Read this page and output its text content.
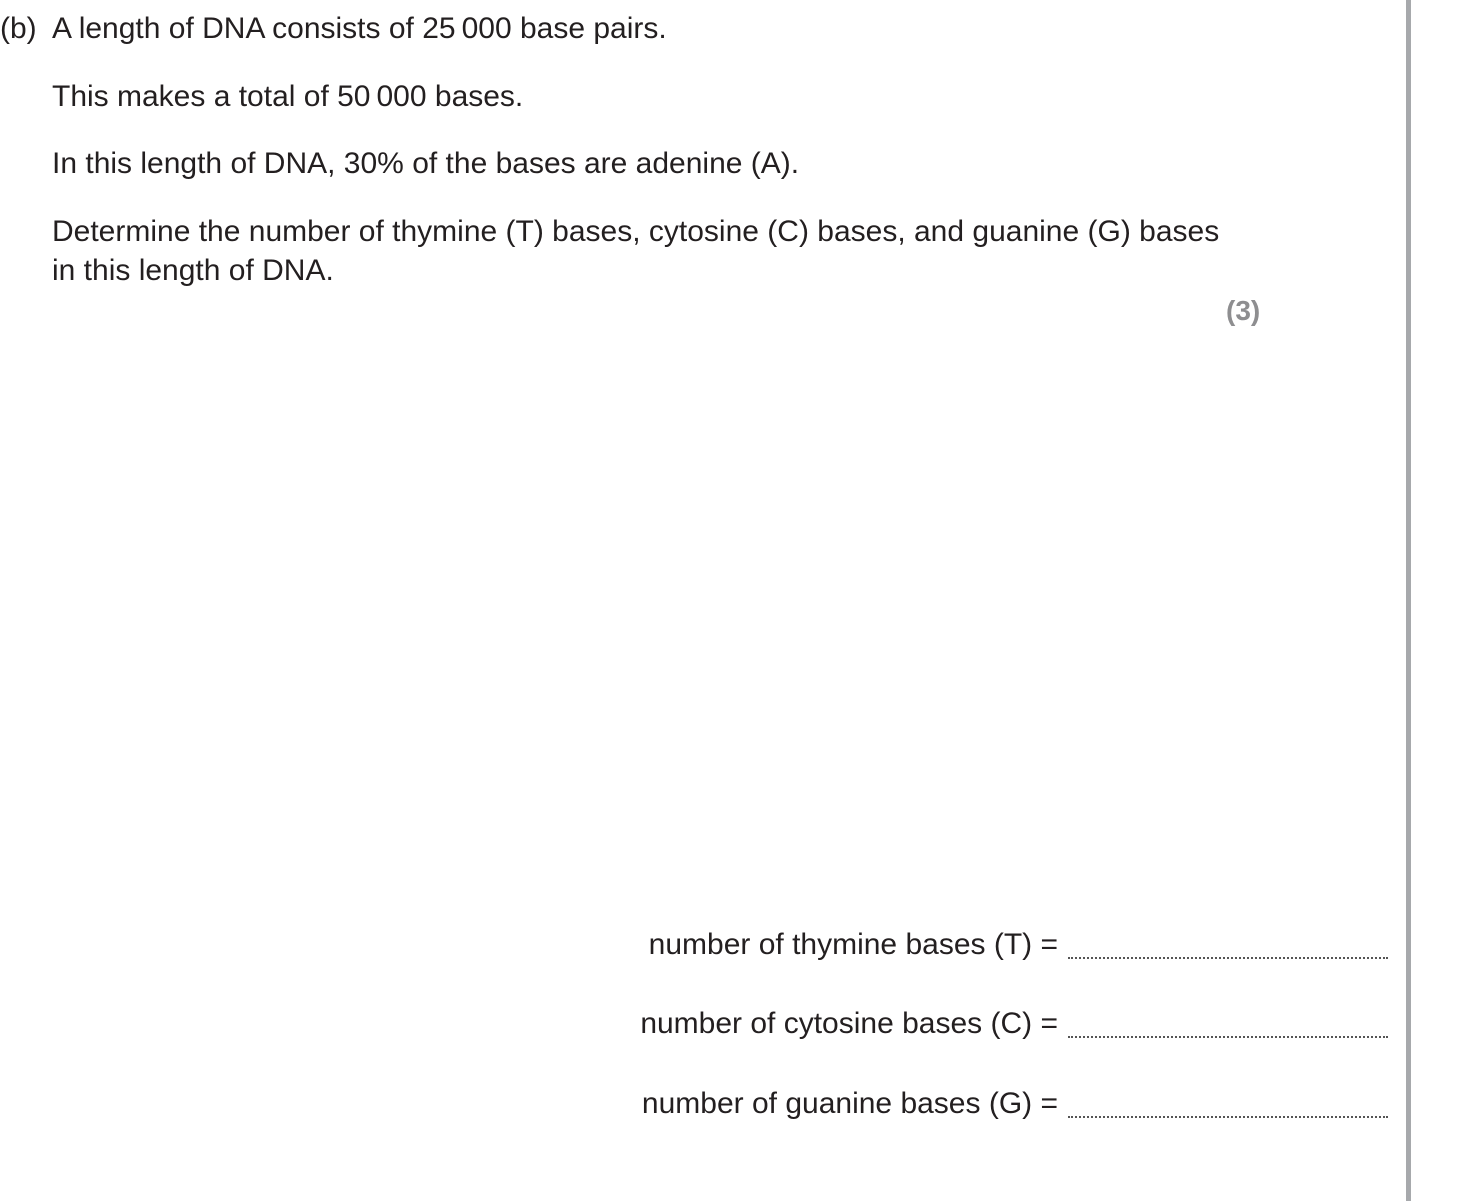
(b) A length of DNA consists of 25 000 base pairs.

This makes a total of 50 000 bases.

In this length of DNA, 30% of the bases are adenine (A).

Determine the number of thymine (T) bases, cytosine (C) bases, and guanine (G) bases in this length of DNA.

(3)
number of thymine bases (T) =
number of cytosine bases (C) =
number of guanine bases (G) =
